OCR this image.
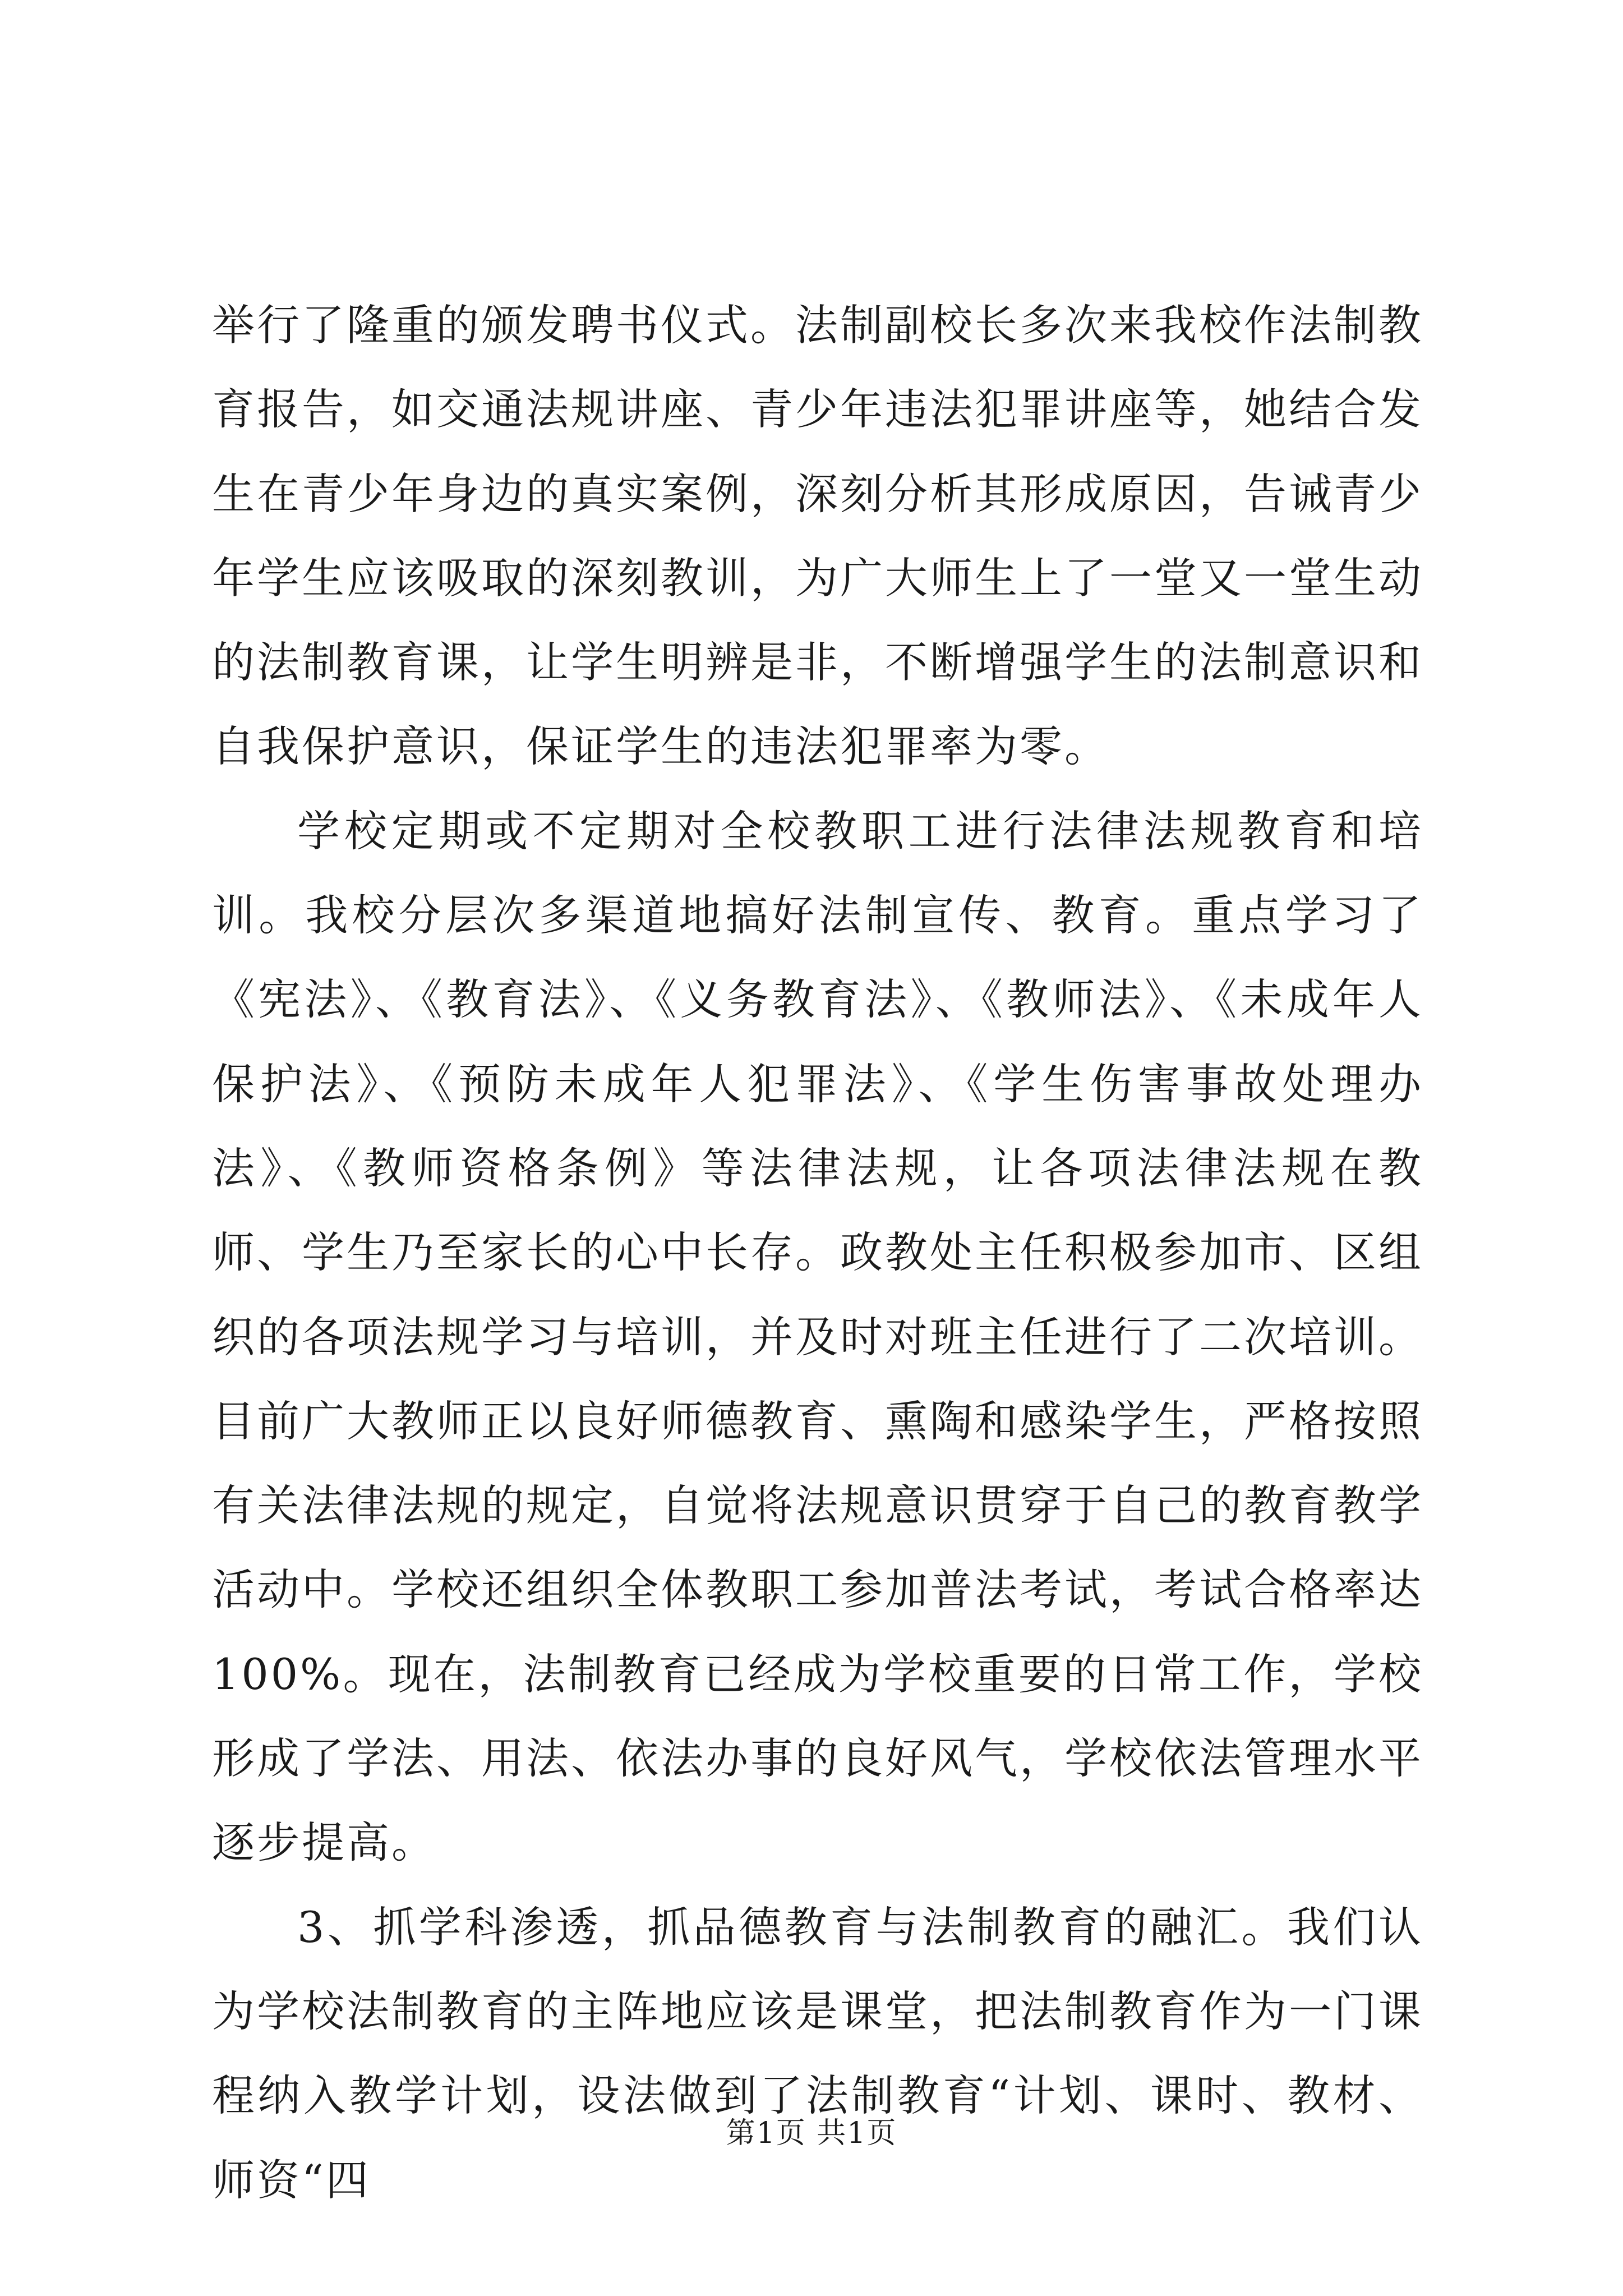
举行了隆重的颁发聘书仪式。法制副校长多次来我校作法制教育报告，如交通法规讲座、青少年违法犯罪讲座等，她结合发生在青少年身边的真实案例，深刻分析其形成原因，告诫青少年学生应该吸取的深刻教训，为广大师生上了一堂又一堂生动的法制教育课，让学生明辨是非，不断增强学生的法制意识和自我保护意识，保证学生的违法犯罪率为零。

学校定期或不定期对全校教职工进行法律法规教育和培训。我校分层次多渠道地搞好法制宣传、教育。重点学习了《宪法》、《教育法》、《义务教育法》、《教师法》、《未成年人保护法》、《预防未成年人犯罪法》、《学生伤害事故处理办法》、《教师资格条例》等法律法规，让各项法律法规在教师、学生乃至家长的心中长存。政教处主任积极参加市、区组织的各项法规学习与培训，并及时对班主任进行了二次培训。目前广大教师正以良好师德教育、熏陶和感染学生，严格按照有关法律法规的规定，自觉将法规意识贯穿于自己的教育教学活动中。学校还组织全体教职工参加普法考试，考试合格率达100%。现在，法制教育已经成为学校重要的日常工作，学校形成了学法、用法、依法办事的良好风气，学校依法管理水平逐步提高。

3、抓学科渗透，抓品德教育与法制教育的融汇。我们认为学校法制教育的主阵地应该是课堂，把法制教育作为一门课程纳入教学计划，设法做到了法制教育“计划、课时、教材、师资“四

第1页 共1页
